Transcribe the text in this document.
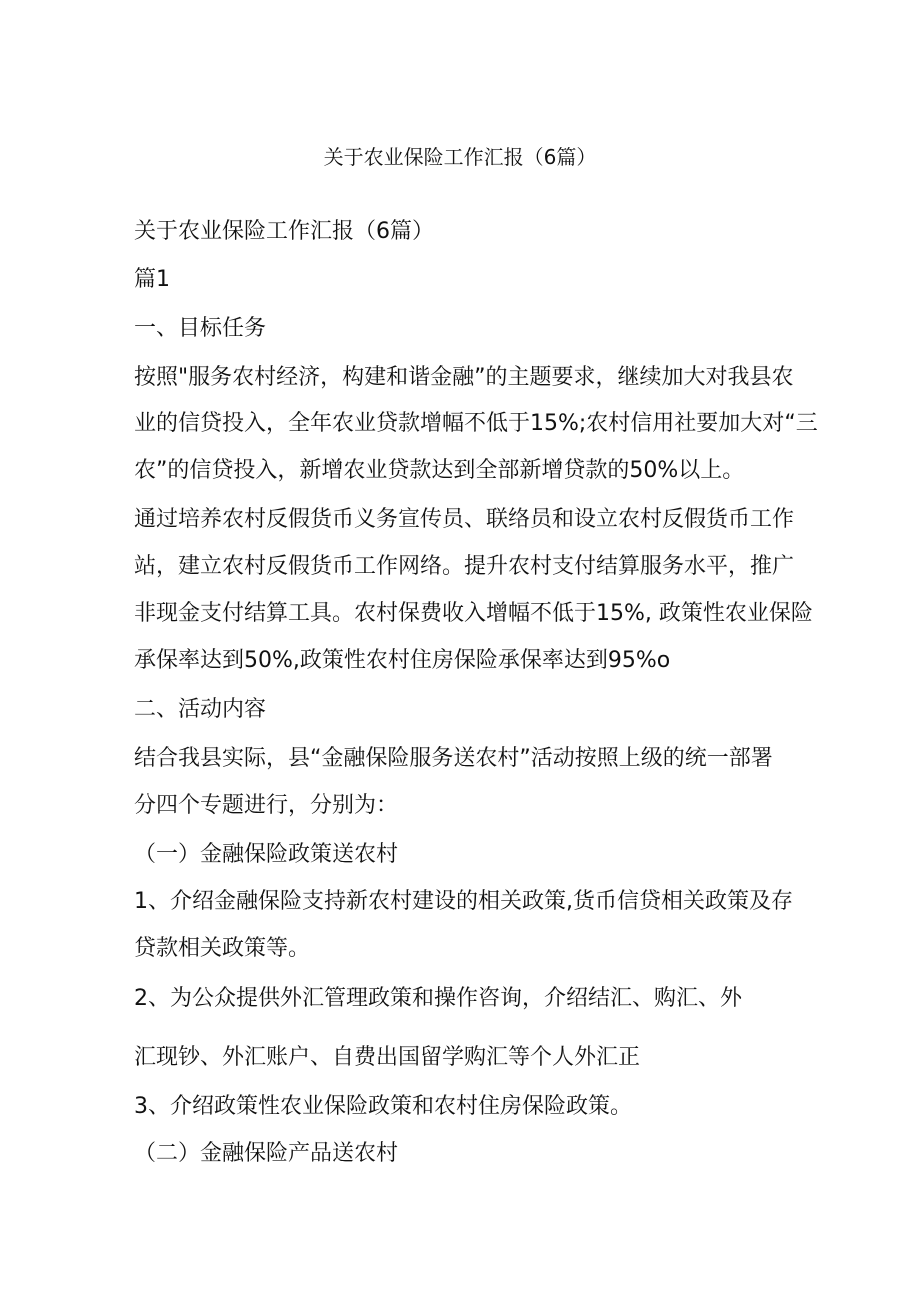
关于农业保险工作汇报（6篇）
关于农业保险工作汇报（6篇）
篇1
一、目标任务
按照"服务农村经济，构建和谐金融”的主题要求，继续加大对我县农
业的信贷投入，全年农业贷款增幅不低于15%;农村信用社要加大对“三
农”的信贷投入，新增农业贷款达到全部新增贷款的50%以上。
通过培养农村反假货币义务宣传员、联络员和设立农村反假货币工作
站，建立农村反假货币工作网络。提升农村支付结算服务水平，推广
非现金支付结算工具。农村保费收入增幅不低于15%, 政策性农业保险
承保率达到50%,政策性农村住房保险承保率达到95%o
二、活动内容
结合我县实际，县“金融保险服务送农村”活动按照上级的统一部署
分四个专题进行，分别为：
（一）金融保险政策送农村
1、介绍金融保险支持新农村建设的相关政策,货币信贷相关政策及存
贷款相关政策等。
2、为公众提供外汇管理政策和操作咨询，介绍结汇、购汇、外
汇现钞、外汇账户、自费出国留学购汇等个人外汇正
3、介绍政策性农业保险政策和农村住房保险政策。
（二）金融保险产品送农村
